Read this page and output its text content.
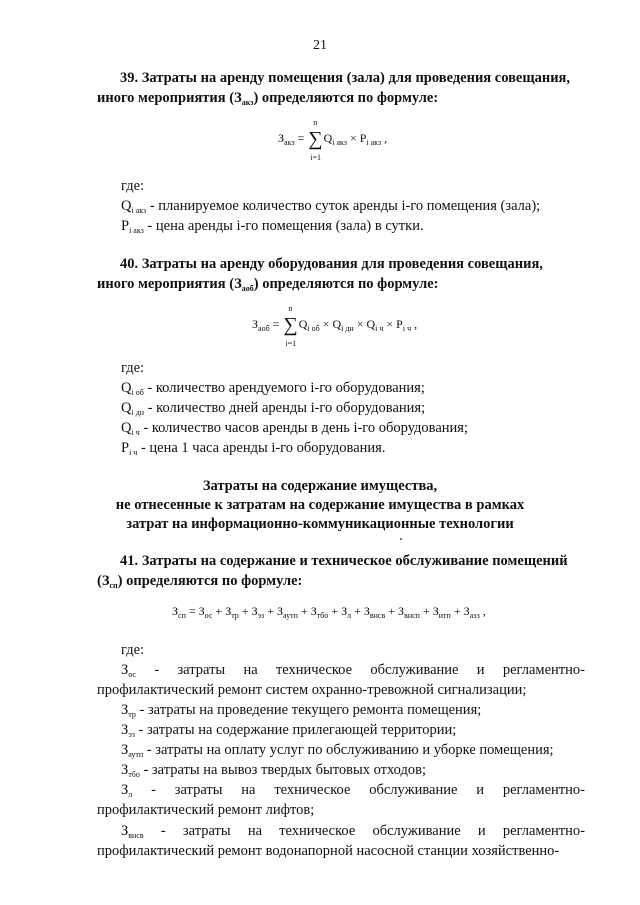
21
39. Затраты на аренду помещения (зала) для проведения совещания,
иного мероприятия $(З_{акз})$ определяются по формуле:
$З_{акз}$ =
n
∑
i=1
$Q_{i акз} \times P_{i акз}$ ,
где:
$Q_{i акз}$ - планируемое количество суток аренды i-го помещения (зала);
$P_{i акз}$ - цена аренды i-го помещения (зала) в сутки.
40. Затраты на аренду оборудования для проведения совещания,
иного мероприятия $(З_{аоб})$ определяются по формуле:
$З_{аоб}$ =
n
∑
i=1
$Q_{i об} \times Q_{i дн} \times Q_{i ч} \times P_{i ч}$ ,
где:
$Q_{i об}$ - количество арендуемого i-го оборудования;
$Q_{i дн}$ - количество дней аренды i-го оборудования;
$Q_{i ч}$ - количество часов аренды в день i-го оборудования;
$P_{i ч}$ - цена 1 часа аренды i-го оборудования.
Затраты на содержание имущества,
не отнесенные к затратам на содержание имущества в рамках
затрат на информационно-коммуникационные технологии
41. Затраты на содержание и техническое обслуживание помещений
$(З_{сп})$ определяются по формуле:
$З_{сп} = З_{ос} + З_{тр} + З_{эз} + З_{аутп} + З_{тбо} + З_л + З_{внсв} + З_{внсп} + З_{итп} + З_{аэз}$ ,
где:
$З_{ос}$ - затраты на техническое обслуживание и регламентно-
профилактический ремонт систем охранно-тревожной сигнализации;
$З_{тр}$ - затраты на проведение текущего ремонта помещения;
$З_{эз}$ - затраты на содержание прилегающей территории;
$З_{аутп}$ - затраты на оплату услуг по обслуживанию и уборке помещения;
$З_{тбо}$ - затраты на вывоз твердых бытовых отходов;
$З_л$ - затраты на техническое обслуживание и регламентно-
профилактический ремонт лифтов;
$З_{внсв}$ - затраты на техническое обслуживание и регламентно-
профилактический ремонт водонапорной насосной станции хозяйственно-
